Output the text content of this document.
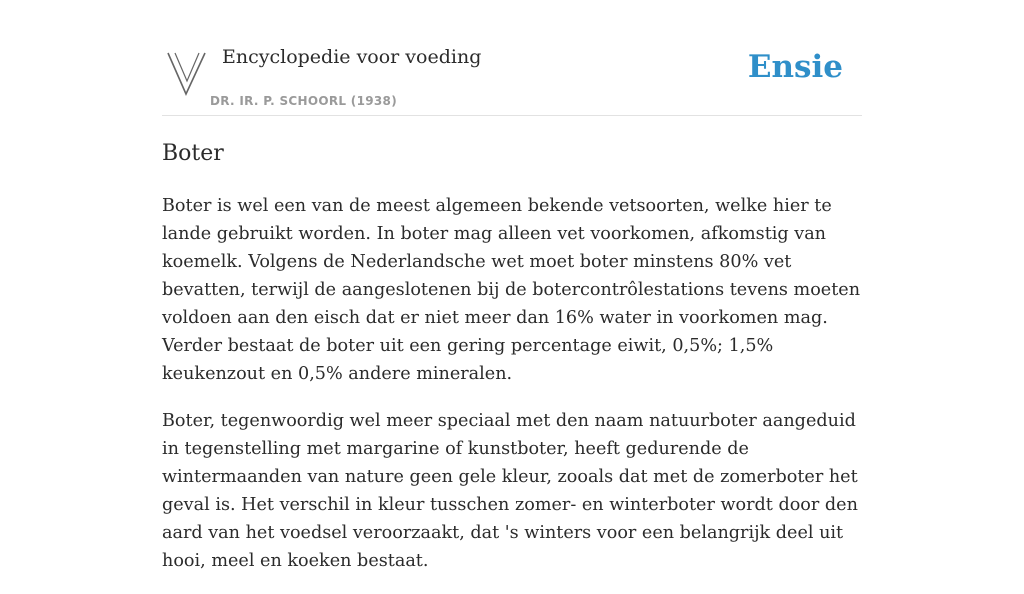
Encyclopedie voor voeding
DR. IR. P. SCHOORL (1938)
Ensie
Boter

Boter is wel een van de meest algemeen bekende vetsoorten, welke hier te lande gebruikt worden. In boter mag alleen vet voorkomen, afkomstig van koemelk. Volgens de Nederlandsche wet moet boter minstens 80% vet bevatten, terwijl de aangeslotenen bij de botercontrôlestations tevens moeten voldoen aan den eisch dat er niet meer dan 16% water in voorkomen mag. Verder bestaat de boter uit een gering percentage eiwit, 0,5%; 1,5% keukenzout en 0,5% andere mineralen.

Boter, tegenwoordig wel meer speciaal met den naam natuurboter aangeduid in tegenstelling met margarine of kunstboter, heeft gedurende de wintermaanden van nature geen gele kleur, zooals dat met de zomerboter het geval is. Het verschil in kleur tusschen zomer- en winterboter wordt door den aard van het voedsel veroorzaakt, dat 's winters voor een belangrijk deel uit hooi, meel en koeken bestaat.
